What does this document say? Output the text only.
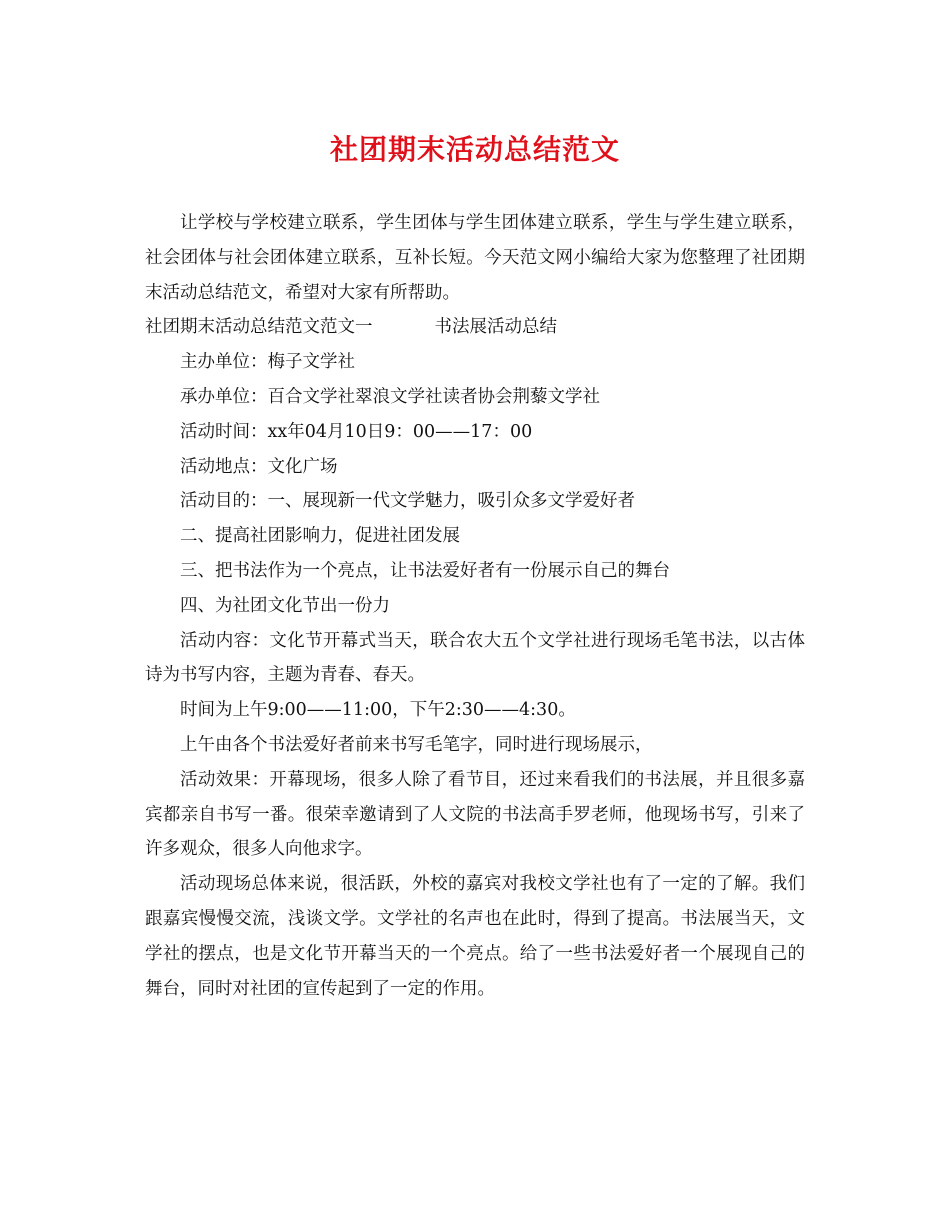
社团期末活动总结范文

让学校与学校建立联系，学生团体与学生团体建立联系，学生与学生建立联系，社会团体与社会团体建立联系，互补长短。今天范文网小编给大家为您整理了社团期末活动总结范文，希望对大家有所帮助。

社团期末活动总结范文范文一	书法展活动总结

主办单位：梅子文学社

承办单位：百合文学社翠浪文学社读者协会荆藜文学社

活动时间：xx年04月10日9：00——17：00

活动地点：文化广场

活动目的：一、展现新一代文学魅力，吸引众多文学爱好者

二、提高社团影响力，促进社团发展

三、把书法作为一个亮点，让书法爱好者有一份展示自己的舞台

四、为社团文化节出一份力

活动内容：文化节开幕式当天，联合农大五个文学社进行现场毛笔书法，以古体诗为书写内容，主题为青春、春天。

时间为上午9:00——11:00，下午2:30——4:30。

上午由各个书法爱好者前来书写毛笔字，同时进行现场展示，

活动效果：开幕现场，很多人除了看节目，还过来看我们的书法展，并且很多嘉宾都亲自书写一番。很荣幸邀请到了人文院的书法高手罗老师，他现场书写，引来了许多观众，很多人向他求字。

活动现场总体来说，很活跃，外校的嘉宾对我校文学社也有了一定的了解。我们跟嘉宾慢慢交流，浅谈文学。文学社的名声也在此时，得到了提高。书法展当天，文学社的摆点，也是文化节开幕当天的一个亮点。给了一些书法爱好者一个展现自己的舞台，同时对社团的宣传起到了一定的作用。
